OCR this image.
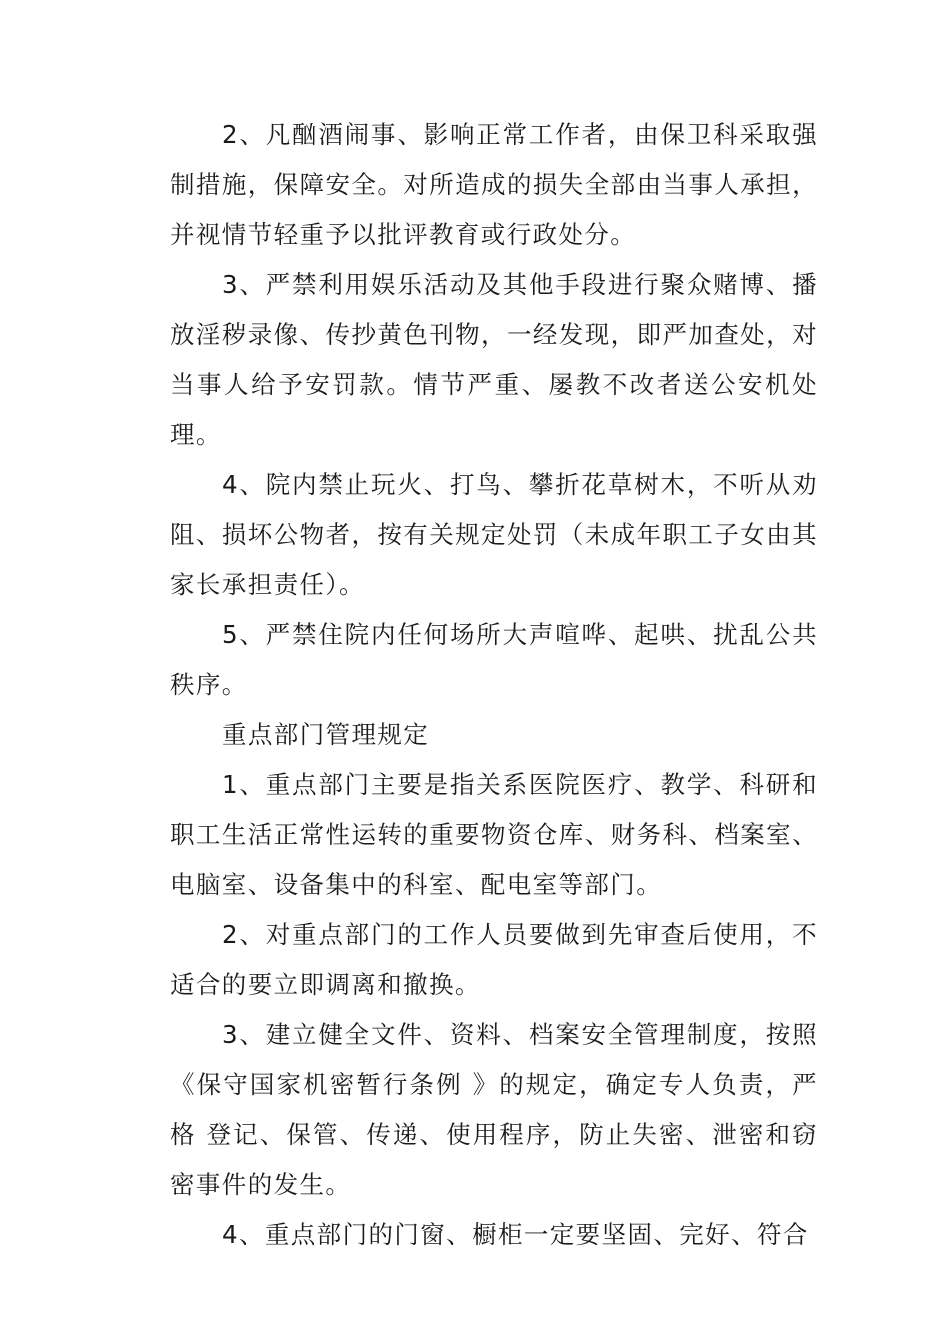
2、凡酗酒闹事、影响正常工作者，由保卫科采取强制措施，保障安全。对所造成的损失全部由当事人承担，并视情节轻重予以批评教育或行政处分。

3、严禁利用娱乐活动及其他手段进行聚众赌博、播放淫秽录像、传抄黄色刊物，一经发现，即严加查处，对当事人给予安罚款。情节严重、屡教不改者送公安机处理。

4、院内禁止玩火、打鸟、攀折花草树木，不听从劝阻、损坏公物者，按有关规定处罚（未成年职工子女由其家长承担责任）。

5、严禁住院内任何场所大声喧哗、起哄、扰乱公共秩序。

重点部门管理规定

1、重点部门主要是指关系医院医疗、教学、科研和职工生活正常性运转的重要物资仓库、财务科、档案室、电脑室、设备集中的科室、配电室等部门。

2、对重点部门的工作人员要做到先审查后使用，不适合的要立即调离和撤换。

3、建立健全文件、资料、档案安全管理制度，按照《保守国家机密暂行条例 》的规定，确定专人负责，严格 登记、保管、传递、使用程序，防止失密、泄密和窃密事件的发生。

4、重点部门的门窗、橱柜一定要坚固、完好、符合
